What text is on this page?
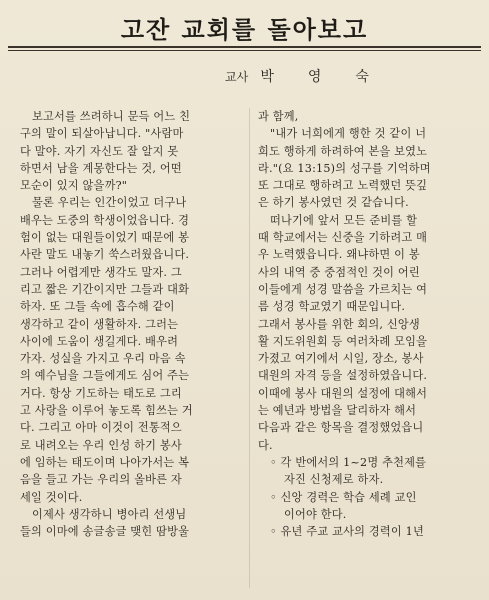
고잔 교회를 돌아보고
교사 박 영 숙
보고서를 쓰려하니 문득 어느 친
구의 말이 되살아납니다. "사람마
다 말야. 자기 자신도 잘 알지 못
하면서 남을 계몽한다는 것, 어떤
모순이 있지 않을까?"
물론 우리는 인간이었고 더구나
배우는 도중의 학생이었읍니다. 경
험이 없는 대원들이었기 때문에 봉
사란 말도 내놓기 쑥스러웠읍니다.
그러나 어렵게만 생각도 말자. 그
리고 짧은 기간이지만 그들과 대화
하자. 또 그들 속에 흡수해 같이
생각하고 같이 생활하자. 그러는
사이에 도움이 생길게다. 배우려
가자. 성실을 가지고 우리 마음 속
의 예수님을 그들에게도 심어 주는
거다. 항상 기도하는 태도로 그리
고 사랑을 이루어 놓도록 힘쓰는 거
다. 그리고 아마 이것이 전통적으
로 내려오는 우리 인성 하기 봉사
에 임하는 태도이며 나아가서는 복
음을 들고 가는 우리의 올바른 자
세일 것이다.
이제사 생각하니 병아리 선생님
들의 이마에 송글송글 맺힌 땀방울
과 함께,
"내가 너희에게 행한 것 같이 너
희도 행하게 하려하여 본을 보였노
라."(요 13:15)의 성구를 기억하며
또 그대로 행하려고 노력했던 뜻깊
은 하기 봉사였던 것 같습니다.
떠나기에 앞서 모든 준비를 할
때 학교에서는 신중을 기하려고 매
우 노력했읍니다. 왜냐하면 이 봉
사의 내역 중 중점적인 것이 어린
이들에게 성경 말씀을 가르치는 여
름 성경 학교였기 때문입니다.
그래서 봉사를 위한 회의, 신앙생
활 지도위원회 등 여러차례 모임을
가졌고 여기에서 시일, 장소, 봉사
대원의 자격 등을 설정하였읍니다.
이때에 봉사 대원의 설정에 대해서
는 예년과 방법을 달리하자 해서
다음과 같은 항목을 결정했었읍니
다.
◦ 각 반에서의 1~2명 추천제를
자진 신청제로 하자.
◦ 신앙 경력은 학습 세례 교인
이어야 한다.
◦ 유년 주교 교사의 경력이 1년
